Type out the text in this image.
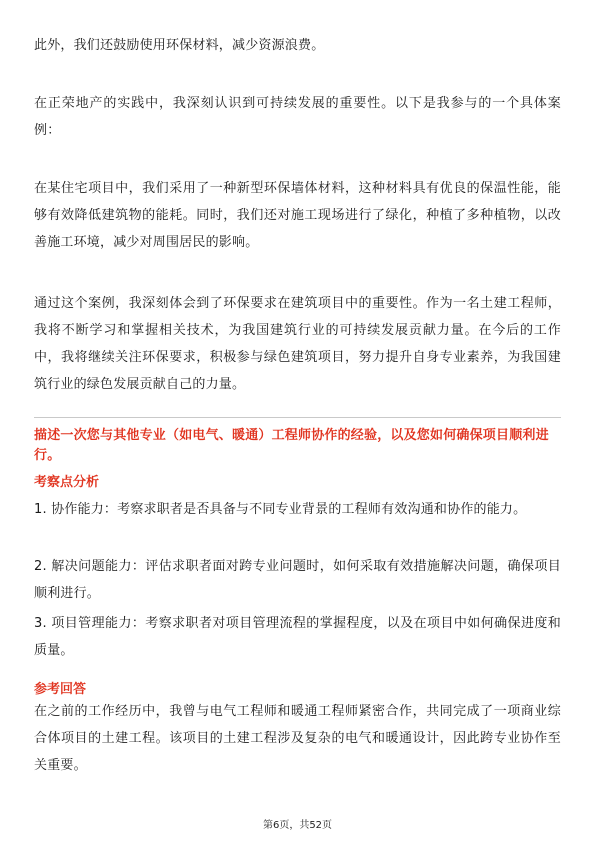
此外，我们还鼓励使用环保材料，减少资源浪费。

在正荣地产的实践中，我深刻认识到可持续发展的重要性。以下是我参与的一个具体案例：

在某住宅项目中，我们采用了一种新型环保墙体材料，这种材料具有优良的保温性能，能够有效降低建筑物的能耗。同时，我们还对施工现场进行了绿化，种植了多种植物，以改善施工环境，减少对周围居民的影响。

通过这个案例，我深刻体会到了环保要求在建筑项目中的重要性。作为一名土建工程师，我将不断学习和掌握相关技术，为我国建筑行业的可持续发展贡献力量。在今后的工作中，我将继续关注环保要求，积极参与绿色建筑项目，努力提升自身专业素养，为我国建筑行业的绿色发展贡献自己的力量。

描述一次您与其他专业（如电气、暖通）工程师协作的经验，以及您如何确保项目顺利进行。

考察点分析

1. 协作能力：考察求职者是否具备与不同专业背景的工程师有效沟通和协作的能力。

2. 解决问题能力：评估求职者面对跨专业问题时，如何采取有效措施解决问题，确保项目顺利进行。

3. 项目管理能力：考察求职者对项目管理流程的掌握程度，以及在项目中如何确保进度和质量。

参考回答

在之前的工作经历中，我曾与电气工程师和暖通工程师紧密合作，共同完成了一项商业综合体项目的土建工程。该项目的土建工程涉及复杂的电气和暖通设计，因此跨专业协作至关重要。

第6页，共52页
